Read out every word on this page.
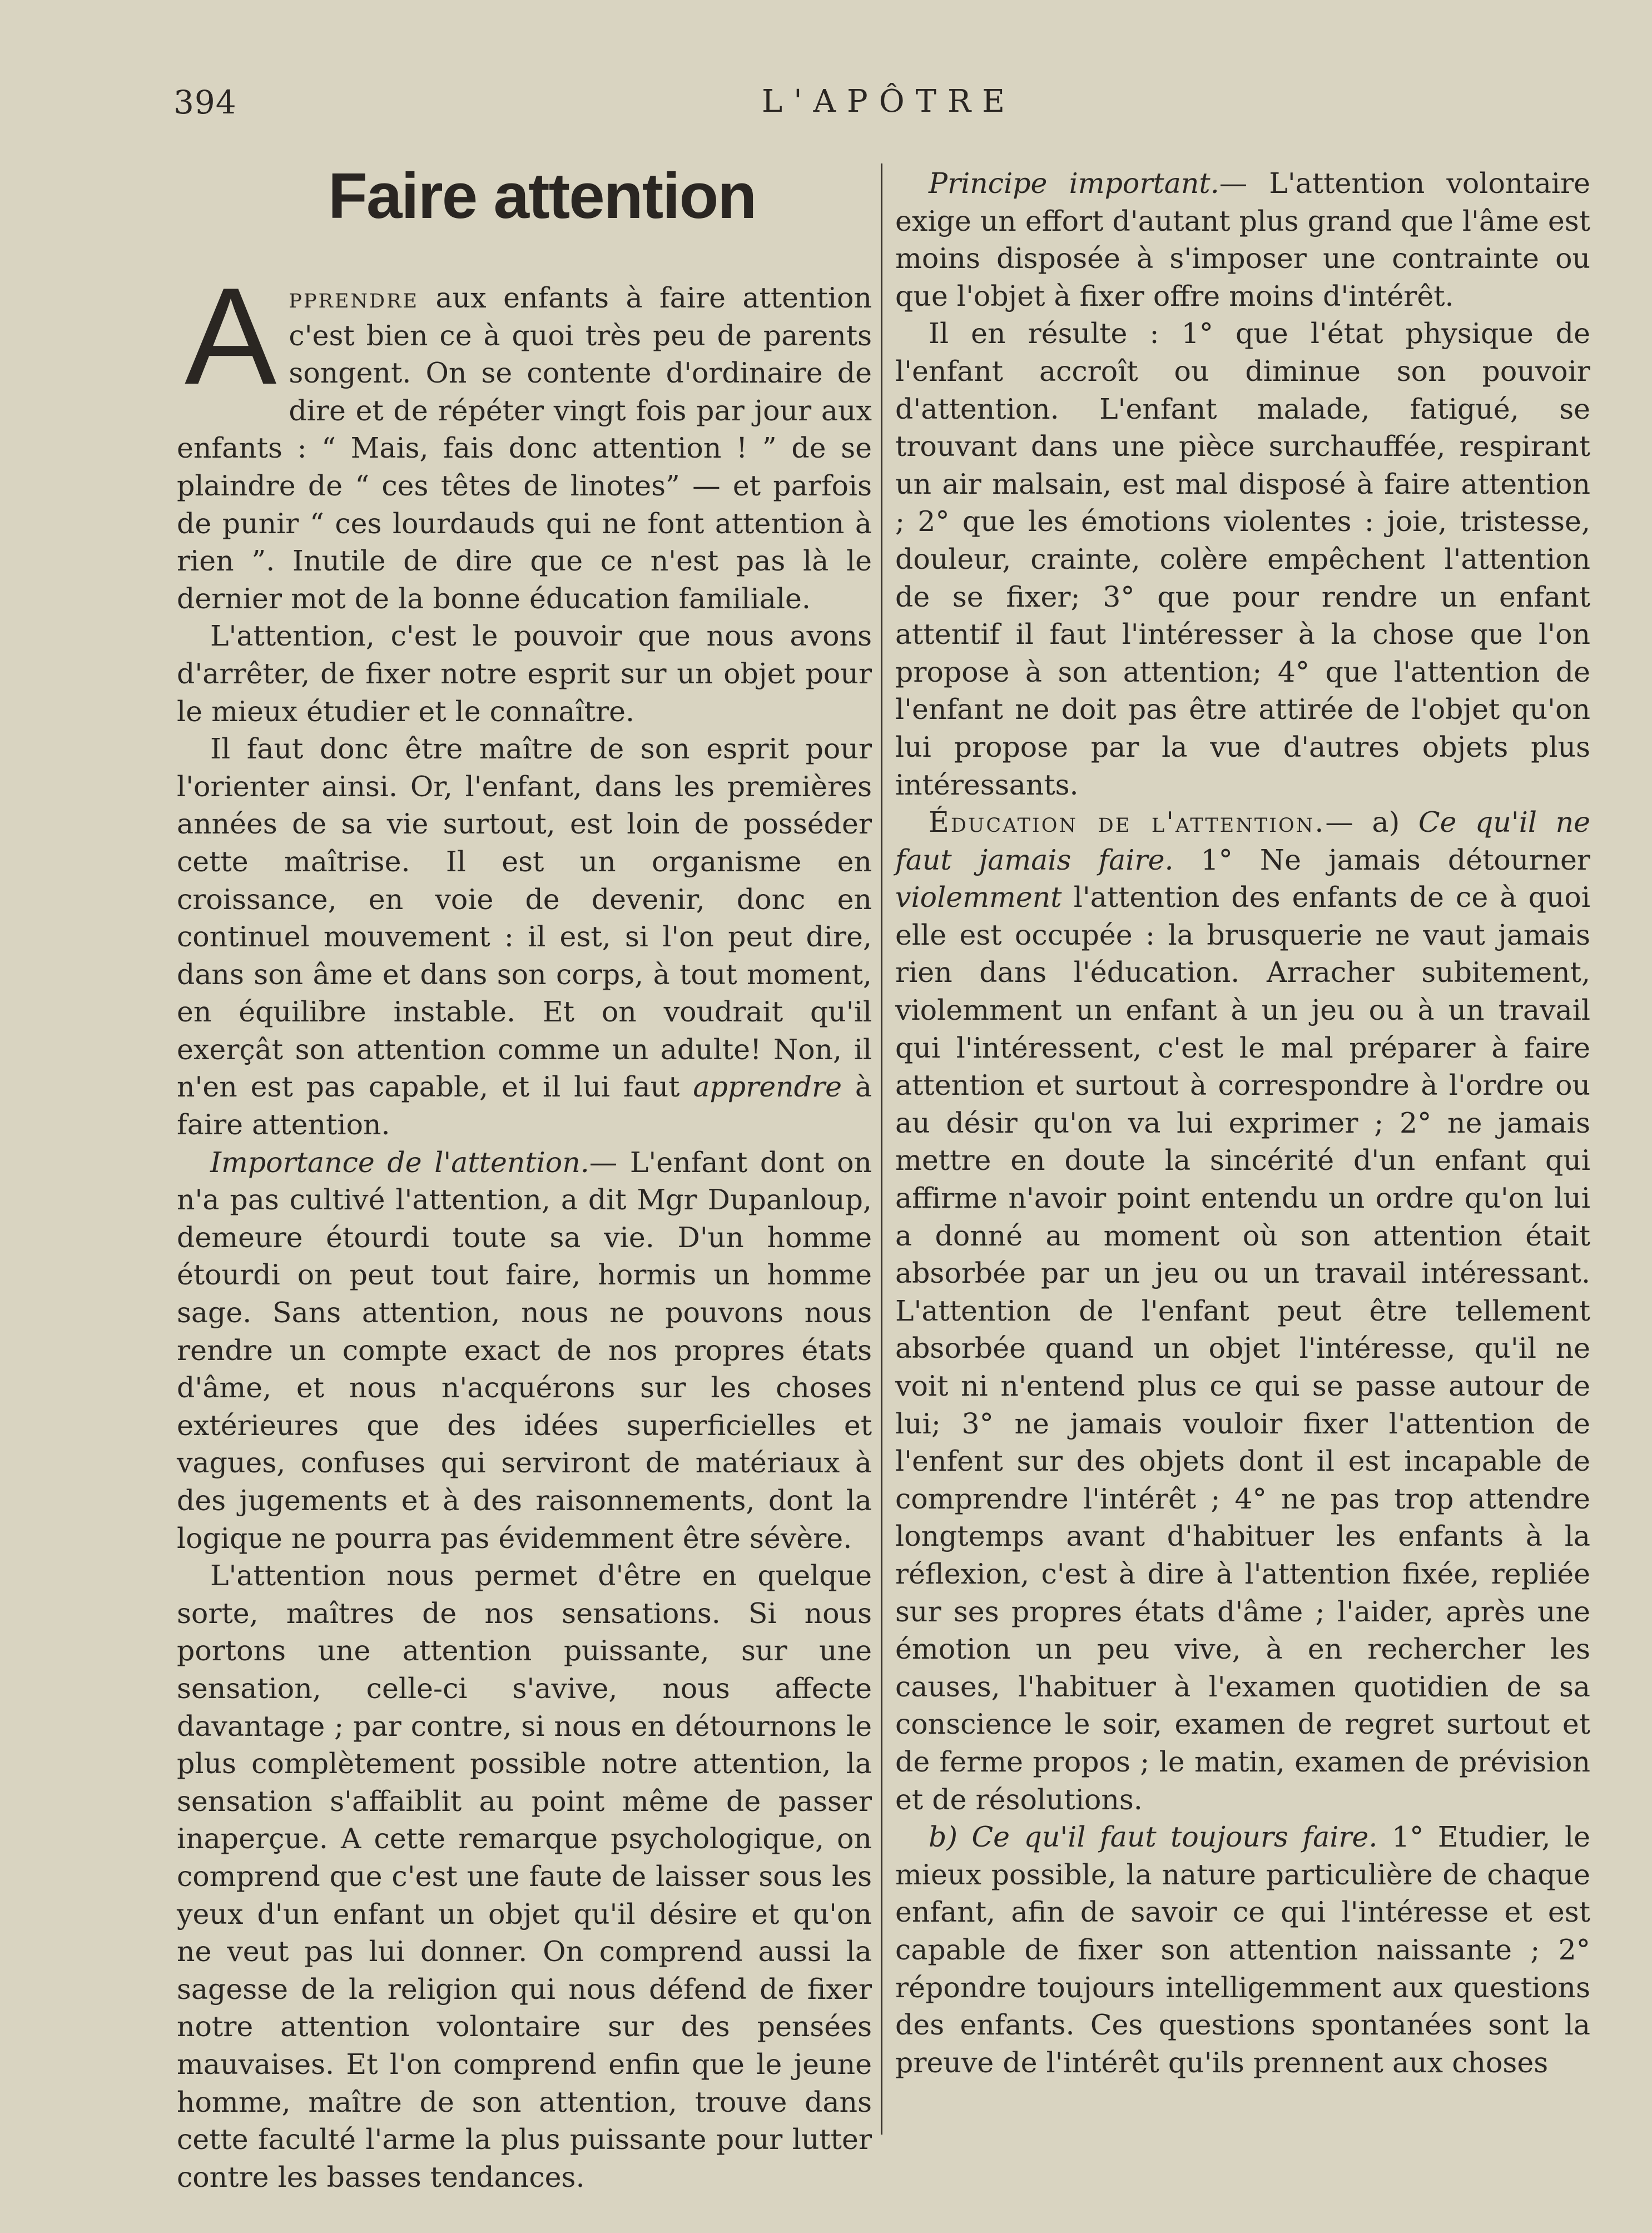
394	L'APÔTRE
Faire attention

Apprendre aux enfants à faire attention c'est bien ce à quoi très peu de parents songent. On se contente d'ordinaire de dire et de répéter vingt fois par jour aux enfants : “ Mais, fais donc attention ! ” de se plaindre de “ ces têtes de linotes” — et parfois de punir “ ces lourdauds qui ne font attention à rien ”. Inutile de dire que ce n'est pas là le dernier mot de la bonne éducation familiale.

L'attention, c'est le pouvoir que nous avons d'arrêter, de fixer notre esprit sur un objet pour le mieux étudier et le connaître.

Il faut donc être maître de son esprit pour l'orienter ainsi. Or, l'enfant, dans les premières années de sa vie surtout, est loin de posséder cette maîtrise. Il est un organisme en croissance, en voie de devenir, donc en continuel mouvement : il est, si l'on peut dire, dans son âme et dans son corps, à tout moment, en équilibre instable. Et on voudrait qu'il exerçât son attention comme un adulte! Non, il n'en est pas capable, et il lui faut apprendre à faire attention.

Importance de l'attention.— L'enfant dont on n'a pas cultivé l'attention, a dit Mgr Dupanloup, demeure étourdi toute sa vie. D'un homme étourdi on peut tout faire, hormis un homme sage. Sans attention, nous ne pouvons nous rendre un compte exact de nos propres états d'âme, et nous n'acquérons sur les choses extérieures que des idées superficielles et vagues, confuses qui serviront de matériaux à des jugements et à des raisonnements, dont la logique ne pourra pas évidemment être sévère.

L'attention nous permet d'être en quelque sorte, maîtres de nos sensations. Si nous portons une attention puissante, sur une sensation, celle-ci s'avive, nous affecte davantage ; par contre, si nous en détournons le plus complètement possible notre attention, la sensation s'affaiblit au point même de passer inaperçue. A cette remarque psychologique, on comprend que c'est une faute de laisser sous les yeux d'un enfant un objet qu'il désire et qu'on ne veut pas lui donner. On comprend aussi la sagesse de la religion qui nous défend de fixer notre attention volontaire sur des pensées mauvaises. Et l'on comprend enfin que le jeune homme, maître de son attention, trouve dans cette faculté l'arme la plus puissante pour lutter contre les basses tendances.

Principe important.— L'attention volontaire exige un effort d'autant plus grand que l'âme est moins disposée à s'imposer une contrainte ou que l'objet à fixer offre moins d'intérêt.

Il en résulte : 1° que l'état physique de l'enfant accroît ou diminue son pouvoir d'attention. L'enfant malade, fatigué, se trouvant dans une pièce surchauffée, respirant un air malsain, est mal disposé à faire attention ; 2° que les émotions violentes : joie, tristesse, douleur, crainte, colère empêchent l'attention de se fixer; 3° que pour rendre un enfant attentif il faut l'intéresser à la chose que l'on propose à son attention; 4° que l'attention de l'enfant ne doit pas être attirée de l'objet qu'on lui propose par la vue d'autres objets plus intéressants.

Éducation de l'attention.— a) Ce qu'il ne faut jamais faire. 1° Ne jamais détourner violemment l'attention des enfants de ce à quoi elle est occupée : la brusquerie ne vaut jamais rien dans l'éducation. Arracher subitement, violemment un enfant à un jeu ou à un travail qui l'intéressent, c'est le mal préparer à faire attention et surtout à correspondre à l'ordre ou au désir qu'on va lui exprimer ; 2° ne jamais mettre en doute la sincérité d'un enfant qui affirme n'avoir point entendu un ordre qu'on lui a donné au moment où son attention était absorbée par un jeu ou un travail intéressant. L'attention de l'enfant peut être tellement absorbée quand un objet l'intéresse, qu'il ne voit ni n'entend plus ce qui se passe autour de lui; 3° ne jamais vouloir fixer l'attention de l'enfent sur des objets dont il est incapable de comprendre l'intérêt ; 4° ne pas trop attendre longtemps avant d'habituer les enfants à la réflexion, c'est à dire à l'attention fixée, repliée sur ses propres états d'âme ; l'aider, après une émotion un peu vive, à en rechercher les causes, l'habituer à l'examen quotidien de sa conscience le soir, examen de regret surtout et de ferme propos ; le matin, examen de prévision et de résolutions.

b) Ce qu'il faut toujours faire. 1° Etudier, le mieux possible, la nature particulière de chaque enfant, afin de savoir ce qui l'intéresse et est capable de fixer son attention naissante ; 2° répondre toujours intelligemment aux questions des enfants. Ces questions spontanées sont la preuve de l'intérêt qu'ils prennent aux choses
